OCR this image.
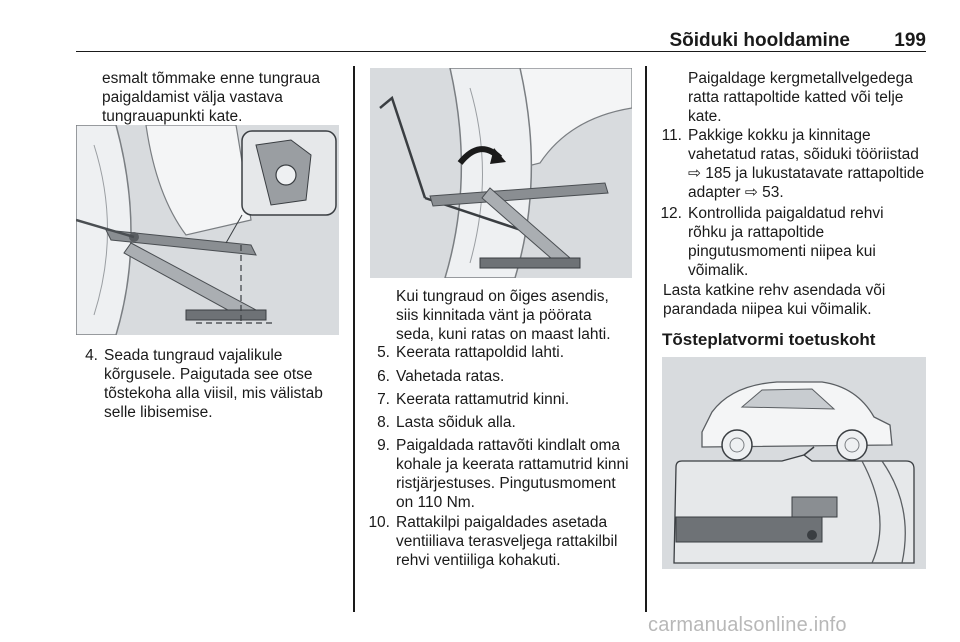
Sõiduki hooldamine 199
esmalt tõmmake enne tungraua
paigaldamist välja vastava
tungrauapunkti kate.
4. Seada tungraud vajalikule
kõrgusele. Paigutada see otse
tõstekoha alla viisil, mis välistab
selle libisemise.
Kui tungraud on õiges asendis,
siis kinnitada vänt ja pöörata
seda, kuni ratas on maast lahti.
5. Keerata rattapoldid lahti.
6. Vahetada ratas.
7. Keerata rattamutrid kinni.
8. Lasta sõiduk alla.
9. Paigaldada rattavõti kindlalt oma
kohale ja keerata rattamutrid kinni
ristjärjestuses. Pingutusmoment
on 110 Nm.
10. Rattakilpi paigaldades asetada
ventiiliava terasveljega rattakilbil
rehvi ventiiliga kohakuti.
Paigaldage kergmetallvelgedega
ratta rattapoltide katted või telje
kate.
11. Pakkige kokku ja kinnitage
vahetatud ratas, sõiduki tööriistad
⇨ 185 ja lukustatavate rattapoltide
adapter ⇨ 53.
12. Kontrollida paigaldatud rehvi
rõhku ja rattapoltide
pingutusmomenti niipea kui
võimalik.
Lasta katkine rehv asendada või
parandada niipea kui võimalik.
Tõsteplatvormi toetuskoht
carmanualsonline.info
